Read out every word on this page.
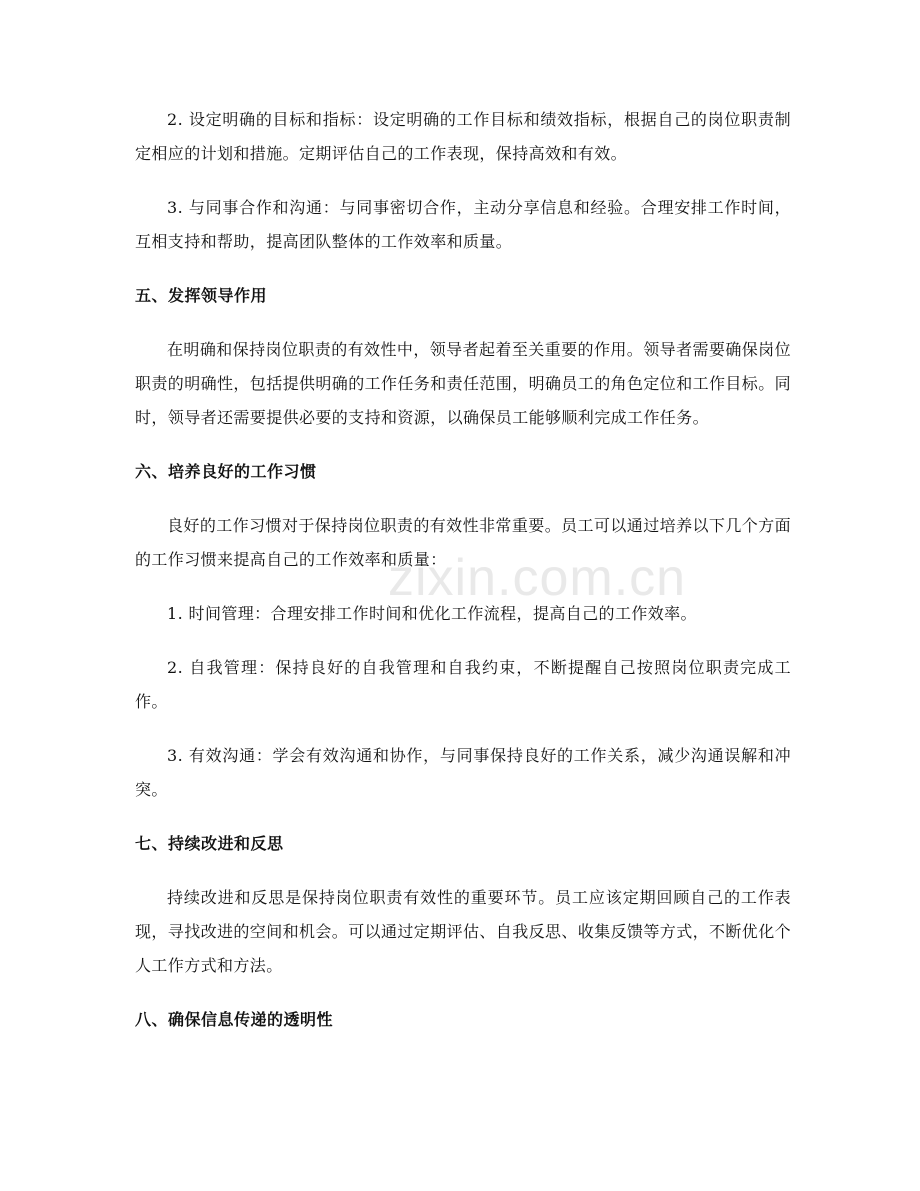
zixin.com.cn

2. 设定明确的目标和指标：设定明确的工作目标和绩效指标，根据自己的岗位职责制定相应的计划和措施。定期评估自己的工作表现，保持高效和有效。

3. 与同事合作和沟通：与同事密切合作，主动分享信息和经验。合理安排工作时间，互相支持和帮助，提高团队整体的工作效率和质量。

五、发挥领导作用

在明确和保持岗位职责的有效性中，领导者起着至关重要的作用。领导者需要确保岗位职责的明确性，包括提供明确的工作任务和责任范围，明确员工的角色定位和工作目标。同时，领导者还需要提供必要的支持和资源，以确保员工能够顺利完成工作任务。

六、培养良好的工作习惯

良好的工作习惯对于保持岗位职责的有效性非常重要。员工可以通过培养以下几个方面的工作习惯来提高自己的工作效率和质量：

1. 时间管理：合理安排工作时间和优化工作流程，提高自己的工作效率。

2. 自我管理：保持良好的自我管理和自我约束，不断提醒自己按照岗位职责完成工作。

3. 有效沟通：学会有效沟通和协作，与同事保持良好的工作关系，减少沟通误解和冲突。

七、持续改进和反思

持续改进和反思是保持岗位职责有效性的重要环节。员工应该定期回顾自己的工作表现，寻找改进的空间和机会。可以通过定期评估、自我反思、收集反馈等方式，不断优化个人工作方式和方法。

八、确保信息传递的透明性
